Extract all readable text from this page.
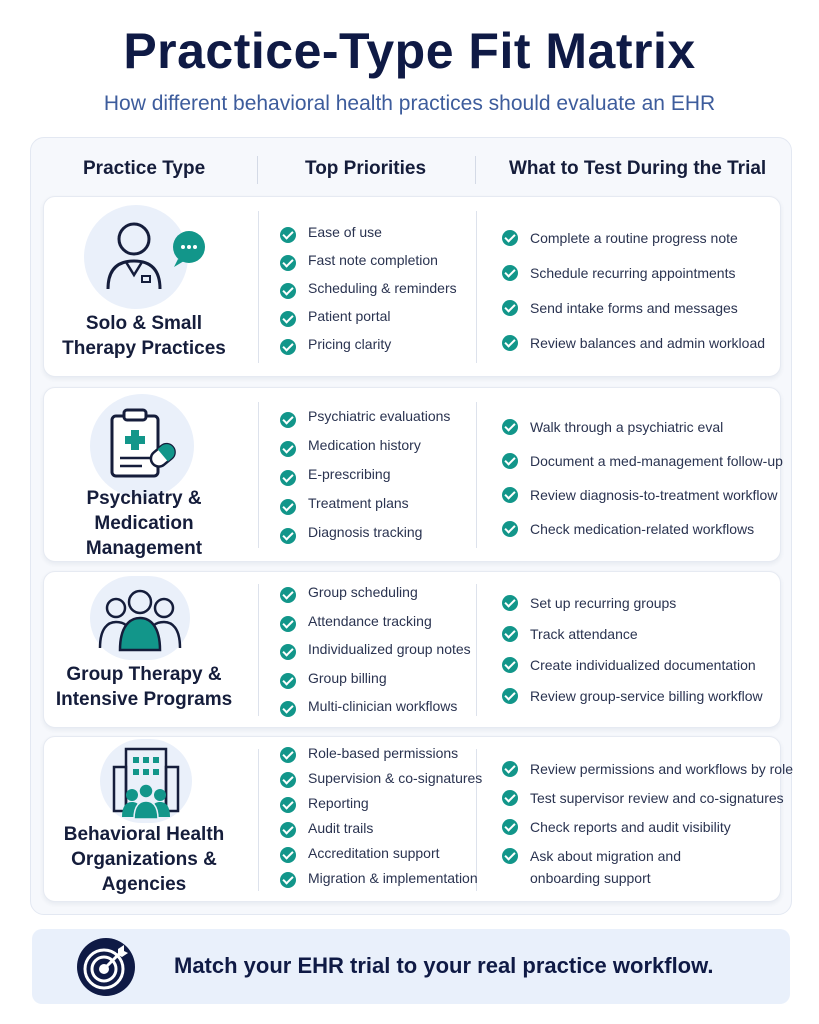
Practice-Type Fit Matrix
How different behavioral health practices should evaluate an EHR
Practice Type	Top Priorities	What to Test During the Trial
Solo & Small
Therapy Practices
Ease of use
Fast note completion
Scheduling & reminders
Patient portal
Pricing clarity
Complete a routine progress note
Schedule recurring appointments
Send intake forms and messages
Review balances and admin workload
Psychiatry &
Medication
Management
Psychiatric evaluations
Medication history
E-prescribing
Treatment plans
Diagnosis tracking
Walk through a psychiatric eval
Document a med-management follow-up
Review diagnosis-to-treatment workflow
Check medication-related workflows
Group Therapy &
Intensive Programs
Group scheduling
Attendance tracking
Individualized group notes
Group billing
Multi-clinician workflows
Set up recurring groups
Track attendance
Create individualized documentation
Review group-service billing workflow
Behavioral Health
Organizations &
Agencies
Role-based permissions
Supervision & co-signatures
Reporting
Audit trails
Accreditation support
Migration & implementation
Review permissions and workflows by role
Test supervisor review and co-signatures
Check reports and audit visibility
Ask about migration and
onboarding support
Match your EHR trial to your real practice workflow.
